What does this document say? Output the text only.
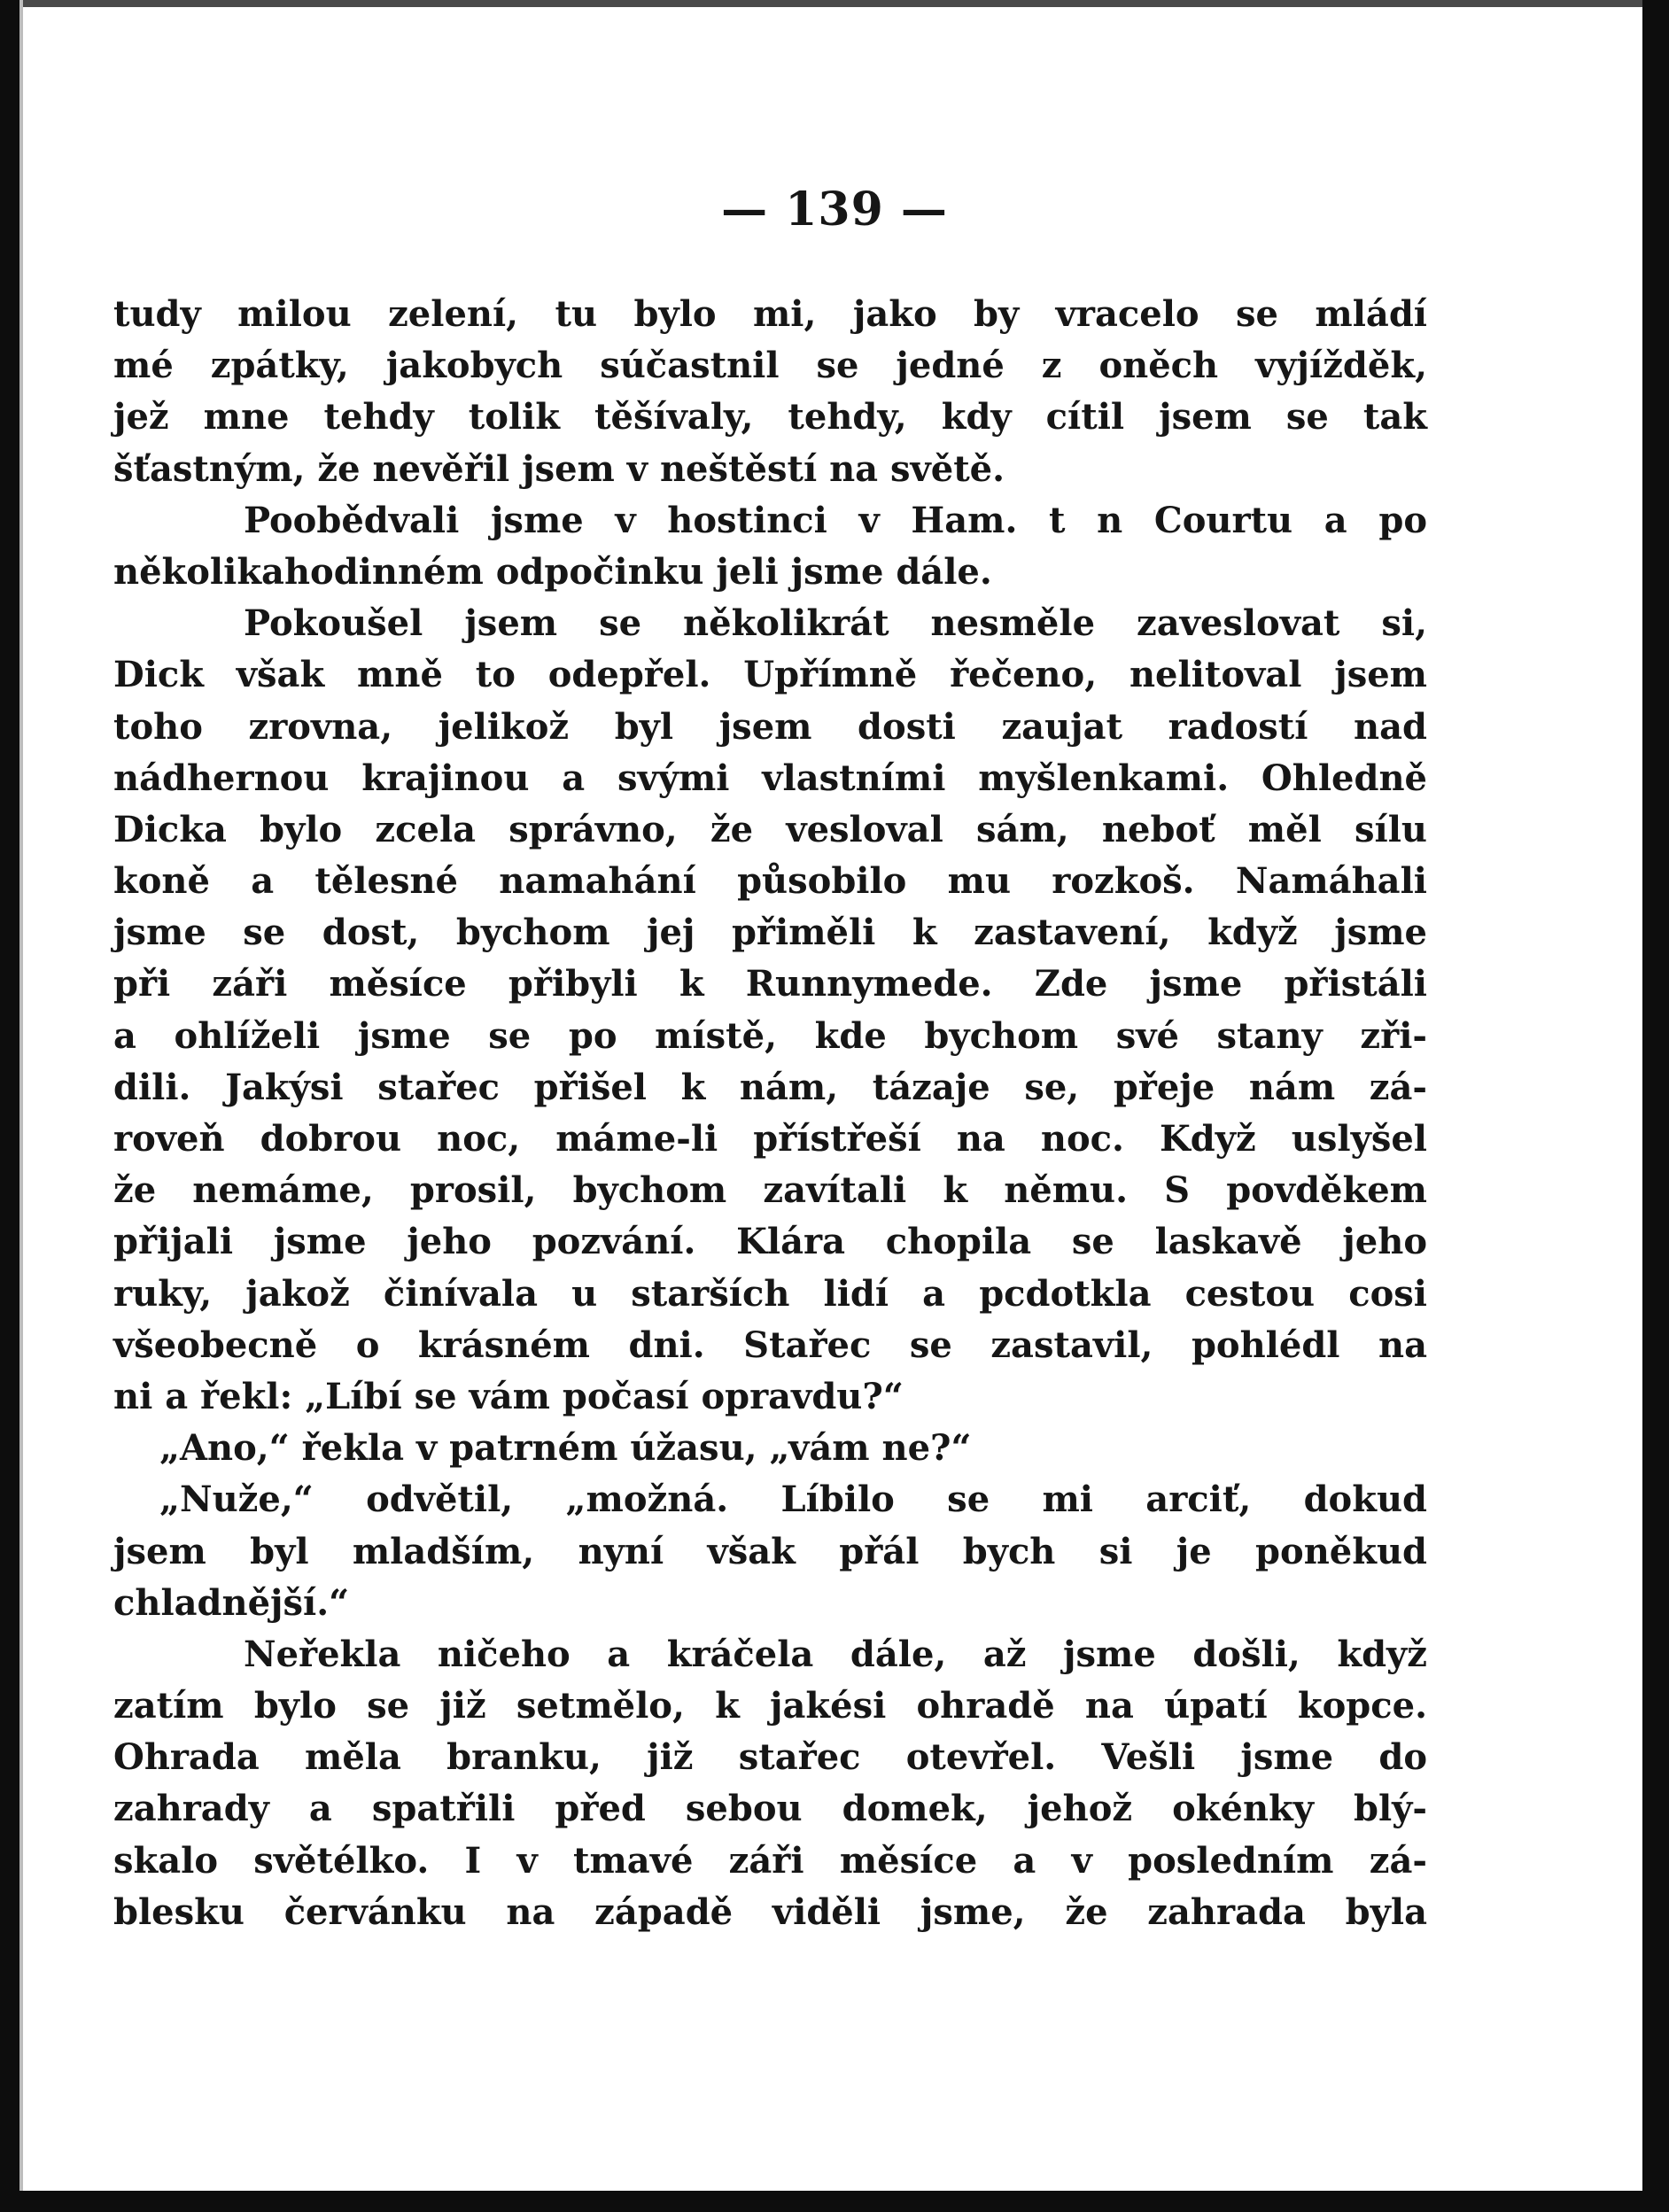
— 139 —
tudy milou zelení, tu bylo mi, jako by vracelo se mládí
mé zpátky, jakobych súčastnil se jedné z oněch vyjížděk,
jež mne tehdy tolik těšívaly, tehdy, kdy cítil jsem se tak
šťastným, že nevěřil jsem v neštěstí na světě.
Poobědvali jsme v hostinci v Ham. t n Courtu a po
několikahodinném odpočinku jeli jsme dále.
Pokoušel jsem se několikrát nesměle zaveslovat si,
Dick však mně to odepřel. Upřímně řečeno, nelitoval jsem
toho zrovna, jelikož byl jsem dosti zaujat radostí nad
nádhernou krajinou a svými vlastními myšlenkami. Ohledně
Dicka bylo zcela správno, že vesloval sám, neboť měl sílu
koně a tělesné namahání působilo mu rozkoš. Namáhali
jsme se dost, bychom jej přiměli k zastavení, když jsme
při záři měsíce přibyli k Runnymede. Zde jsme přistáli
a ohlíželi jsme se po místě, kde bychom své stany zři-
dili. Jakýsi stařec přišel k nám, tázaje se, přeje nám zá-
roveň dobrou noc, máme-li přístřeší na noc. Když uslyšel
že nemáme, prosil, bychom zavítali k němu. S povděkem
přijali jsme jeho pozvání. Klára chopila se laskavě jeho
ruky, jakož činívala u starších lidí a pcdotkla cestou cosi
všeobecně o krásném dni. Stařec se zastavil, pohlédl na
ni a řekl: „Líbí se vám počasí opravdu?“
„Ano,“ řekla v patrném úžasu, „vám ne?“
„Nuže,“ odvětil, „možná. Líbilo se mi arciť, dokud
jsem byl mladším, nyní však přál bych si je poněkud
chladnější.“
Neřekla ničeho a kráčela dále, až jsme došli, když
zatím bylo se již setmělo, k jakési ohradě na úpatí kopce.
Ohrada měla branku, již stařec otevřel. Vešli jsme do
zahrady a spatřili před sebou domek, jehož okénky blý-
skalo světélko. I v tmavé záři měsíce a v posledním zá-
blesku červánku na západě viděli jsme, že zahrada byla
